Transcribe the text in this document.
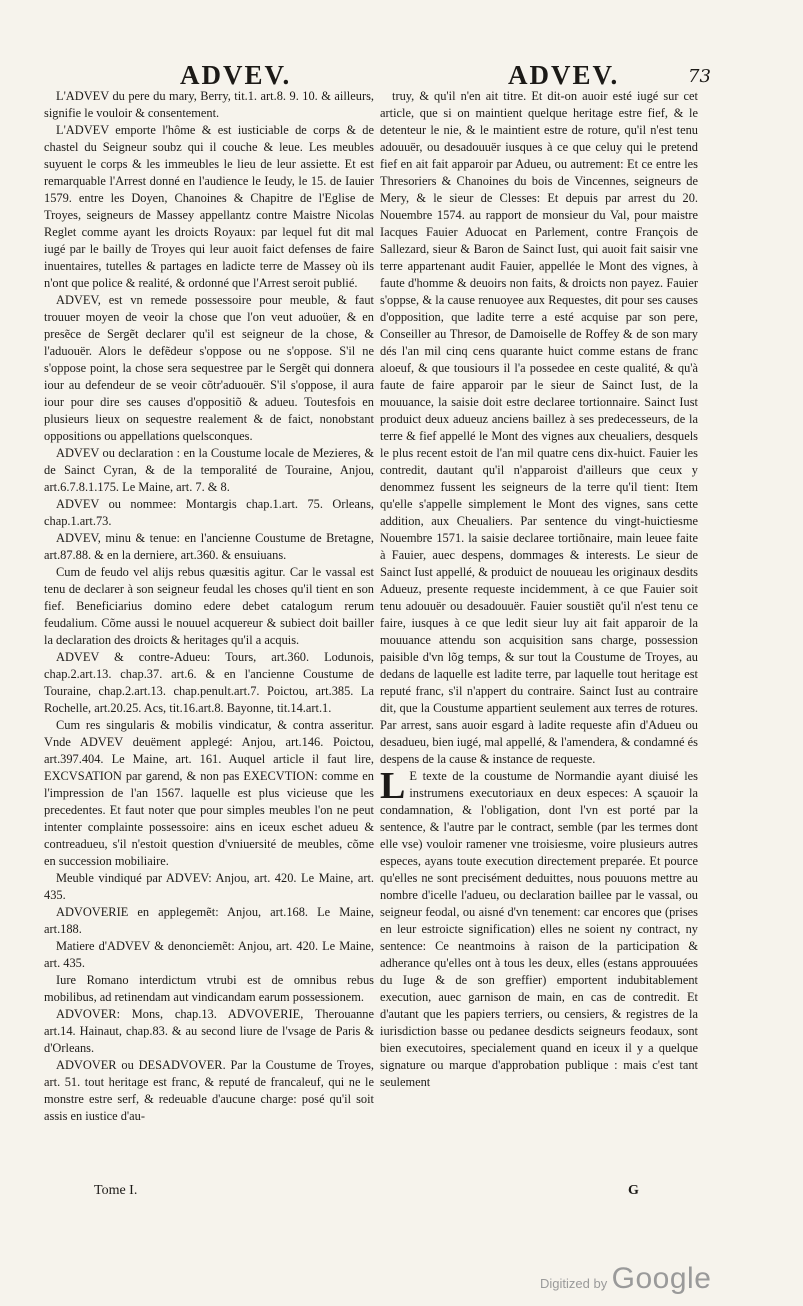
ADVEV.	ADVEV.	73

L'ADVEV du pere du mary, Berry, tit.1. art.8. 9. 10. & ailleurs, signifie le vouloir & consentement.

L'ADVEV emporte l'hôme & est iusticiable de corps & de chastel du Seigneur soubz qui il couche & leue. Les meubles suyuent le corps & les immeubles le lieu de leur assiette. Et est remarquable l'Arrest donné en l'audience le Ieudy, le 15. de Iauier 1579. entre les Doyen, Chanoines & Chapitre de l'Eglise de Troyes, seigneurs de Massey appellantz contre Maistre Nicolas Reglet comme ayant les droicts Royaux: par lequel fut dit mal iugé par le bailly de Troyes qui leur auoit faict defenses de faire inuentaires, tutelles & partages en ladicte terre de Massey où ils n'ont que police & realité, & ordonné que l'Arrest seroit publié.

ADVEV, est vn remede possessoire pour meuble, & faut trouuer moyen de veoir la chose que l'on veut aduoüer, & en presẽce de Sergẽt declarer qu'il est seigneur de la chose, & l'aduouër. Alors le defẽdeur s'oppose ou ne s'oppose. S'il ne s'oppose point, la chose sera sequestree par le Sergẽt qui donnera iour au defendeur de se veoir cõtr'aduouër. S'il s'oppose, il aura iour pour dire ses causes d'oppositiõ & adueu. Toutesfois en plusieurs lieux on sequestre realement & de faict, nonobstant oppositions ou appellations quelsconques.

ADVEV ou declaration : en la Coustume locale de Mezieres, & de Sainct Cyran, & de la temporalité de Touraine, Anjou, art.6.7.8.1.175. Le Maine, art. 7. & 8.

ADVEV ou nommee: Montargis chap.1.art. 75. Orleans, chap.1.art.73.

ADVEV, minu & tenue: en l'ancienne Coustume de Bretagne, art.87.88. & en la derniere, art.360. & ensuiuans.

Cum de feudo vel alijs rebus quæsitis agitur. Car le vassal est tenu de declarer à son seigneur feudal les choses qu'il tient en son fief. Beneficiarius domino edere debet catalogum rerum feudalium. Cõme aussi le nouuel acquereur & subiect doit bailler la declaration des droicts & heritages qu'il a acquis.

ADVEV & contre-Adueu: Tours, art.360. Lodunois, chap.2.art.13. chap.37. art.6. & en l'ancienne Coustume de Touraine, chap.2.art.13. chap.penult.art.7. Poictou, art.385. La Rochelle, art.20.25. Acs, tit.16.art.8. Bayonne, tit.14.art.1.

Cum res singularis & mobilis vindicatur, & contra asseritur. Vnde ADVEV deuëment applegé: Anjou, art.146. Poictou, art.397.404. Le Maine, art. 161. Auquel article il faut lire, EXCVSATION par garend, & non pas EXECVTION: comme en l'impression de l'an 1567. laquelle est plus vicieuse que les precedentes. Et faut noter que pour simples meubles l'on ne peut intenter complainte possessoire: ains en iceux eschet adueu & contreadueu, s'il n'estoit question d'vniuersité de meubles, cõme en succession mobiliaire.

Meuble vindiqué par ADVEV: Anjou, art. 420. Le Maine, art. 435.

ADVOVERIE en applegemẽt: Anjou, art.168. Le Maine, art.188.

Matiere d'ADVEV & denonciemẽt: Anjou, art. 420. Le Maine, art. 435.

Iure Romano interdictum vtrubi est de omnibus rebus mobilibus, ad retinendam aut vindicandam earum possessionem.

ADVOVER: Mons, chap.13. ADVOVERIE, Therouanne art.14. Hainaut, chap.83. & au second liure de l'vsage de Paris & d'Orleans.

ADVOVER ou DESADVOVER. Par la Coustume de Troyes, art. 51. tout heritage est franc, & reputé de francaleuf, qui ne le monstre estre serf, & redeuable d'aucune charge: posé qu'il soit assis en iustice d'au-

truy, & qu'il n'en ait titre. Et dit-on auoir esté iugé sur cet article, que si on maintient quelque heritage estre fief, & le detenteur le nie, & le maintient estre de roture, qu'il n'est tenu adouuër, ou desadouuër iusques à ce que celuy qui le pretend fief en ait fait apparoir par Adueu, ou autrement: Et ce entre les Thresoriers & Chanoines du bois de Vincennes, seigneurs de Mery, & le sieur de Clesses: Et depuis par arrest du 20. Nouembre 1574. au rapport de monsieur du Val, pour maistre Iacques Fauier Aduocat en Parlement, contre François de Sallezard, sieur & Baron de Sainct Iust, qui auoit fait saisir vne terre appartenant audit Fauier, appellée le Mont des vignes, à faute d'homme & deuoirs non faits, & droicts non payez. Fauier s'oppse, & la cause renuoyee aux Requestes, dit pour ses causes d'opposition, que ladite terre a esté acquise par son pere, Conseiller au Thresor, de Damoiselle de Roffey & de son mary dés l'an mil cinq cens quarante huict comme estans de franc aloeuf, & que tousiours il l'a possedee en ceste qualité, & qu'à faute de faire apparoir par le sieur de Sainct Iust, de la mouuance, la saisie doit estre declaree tortionnaire. Sainct Iust produict deux adueuz anciens baillez à ses predecesseurs, de la terre & fief appellé le Mont des vignes aux cheualiers, desquels le plus recent estoit de l'an mil quatre cens dix-huict. Fauier les contredit, dautant qu'il n'apparoist d'ailleurs que ceux y denommez fussent les seigneurs de la terre qu'il tient: Item qu'elle s'appelle simplement le Mont des vignes, sans cette addition, aux Cheualiers. Par sentence du vingt-huictiesme Nouembre 1571. la saisie declaree tortiõnaire, main leuee faite à Fauier, auec despens, dommages & interests. Le sieur de Sainct Iust appellé, & produict de nouueau les originaux desdits Adueuz, presente requeste incidemment, à ce que Fauier soit tenu adouuër ou desadouuër. Fauier soustiẽt qu'il n'est tenu ce faire, iusques à ce que ledit sieur luy ait fait apparoir de la mouuance attendu son acquisition sans charge, possession paisible d'vn lõg temps, & sur tout la Coustume de Troyes, au dedans de laquelle est ladite terre, par laquelle tout heritage est reputé franc, s'il n'appert du contraire. Sainct Iust au contraire dit, que la Coustume appartient seulement aux terres de rotures. Par arrest, sans auoir esgard à ladite requeste afin d'Adueu ou desadueu, bien iugé, mal appellé, & l'amendera, & condamné és despens de la cause & instance de requeste.

L E texte de la coustume de Normandie ayant diuisé les instrumens executoriaux en deux especes: A sçauoir la condamnation, & l'obligation, dont l'vn est porté par la sentence, & l'autre par le contract, semble (par les termes dont elle vse) vouloir ramener vne troisiesme, voire plusieurs autres especes, ayans toute execution directement preparée. Et pource qu'elles ne sont precisément deduittes, nous pouuons mettre au nombre d'icelle l'adueu, ou declaration baillee par le vassal, ou seigneur feodal, ou aisné d'vn tenement: car encores que (prises en leur estroicte signification) elles ne soient ny contract, ny sentence: Ce neantmoins à raison de la participation & adherance qu'elles ont à tous les deux, elles (estans approuuées du Iuge & de son greffier) emportent indubitablement execution, auec garnison de main, en cas de contredit. Et d'autant que les papiers terriers, ou censiers, & registres de la iurisdiction basse ou pedanee desdicts seigneurs feodaux, sont bien executoires, specialement quand en iceux il y a quelque signature ou marque d'approbation publique : mais c'est tant seulement

Tome I.	G
Digitized by Google
